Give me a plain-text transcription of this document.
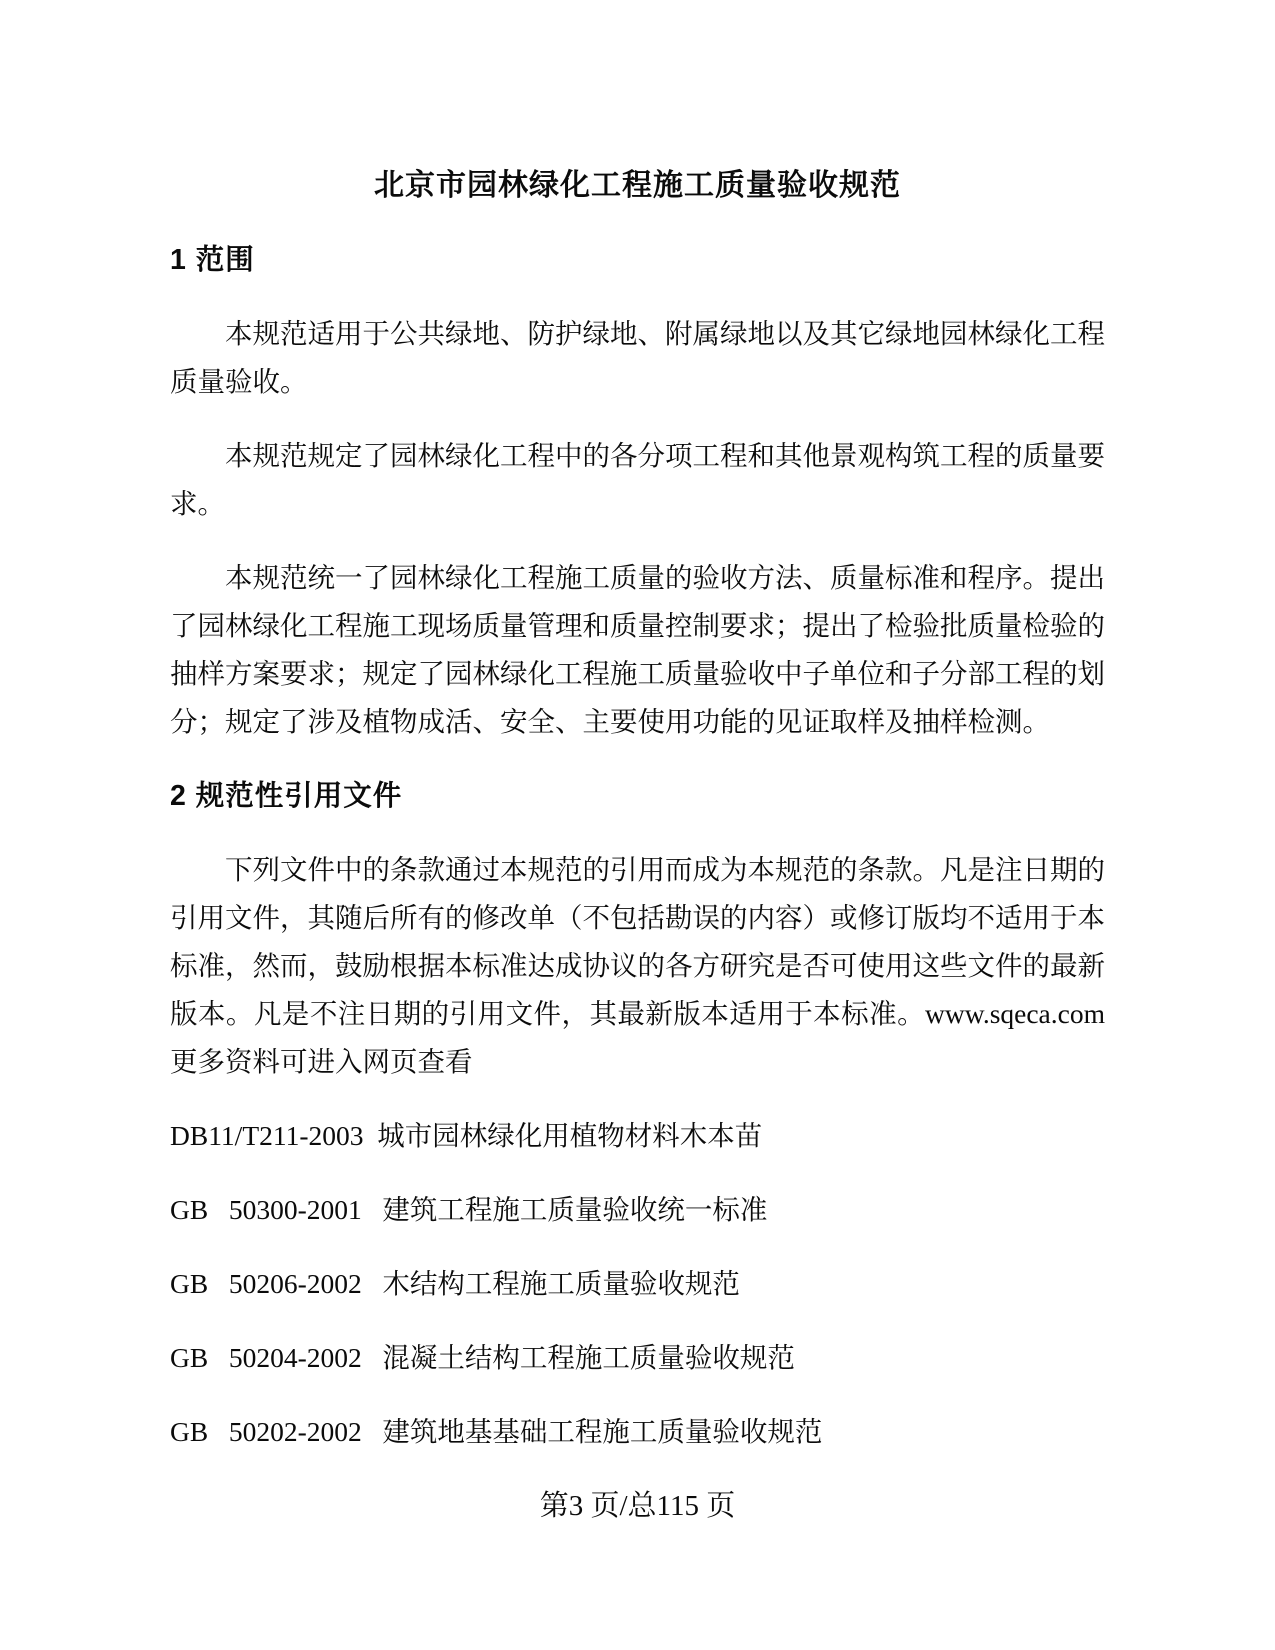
北京市园林绿化工程施工质量验收规范
1 范围

本规范适用于公共绿地、防护绿地、附属绿地以及其它绿地园林绿化工程质量验收。

本规范规定了园林绿化工程中的各分项工程和其他景观构筑工程的质量要求。

本规范统一了园林绿化工程施工质量的验收方法、质量标准和程序。提出了园林绿化工程施工现场质量管理和质量控制要求；提出了检验批质量检验的抽样方案要求；规定了园林绿化工程施工质量验收中子单位和子分部工程的划分；规定了涉及植物成活、安全、主要使用功能的见证取样及抽样检测。

2 规范性引用文件

下列文件中的条款通过本规范的引用而成为本规范的条款。凡是注日期的引用文件，其随后所有的修改单（不包括勘误的内容）或修订版均不适用于本标准，然而，鼓励根据本标准达成协议的各方研究是否可使用这些文件的最新版本。凡是不注日期的引用文件，其最新版本适用于本标准。www.sqeca.com 更多资料可进入网页查看

DB11/T211-2003  城市园林绿化用植物材料木本苗

GB   50300-2001   建筑工程施工质量验收统一标准

GB   50206-2002   木结构工程施工质量验收规范

GB   50204-2002   混凝土结构工程施工质量验收规范

GB   50202-2002   建筑地基基础工程施工质量验收规范

第3 页/总115 页
